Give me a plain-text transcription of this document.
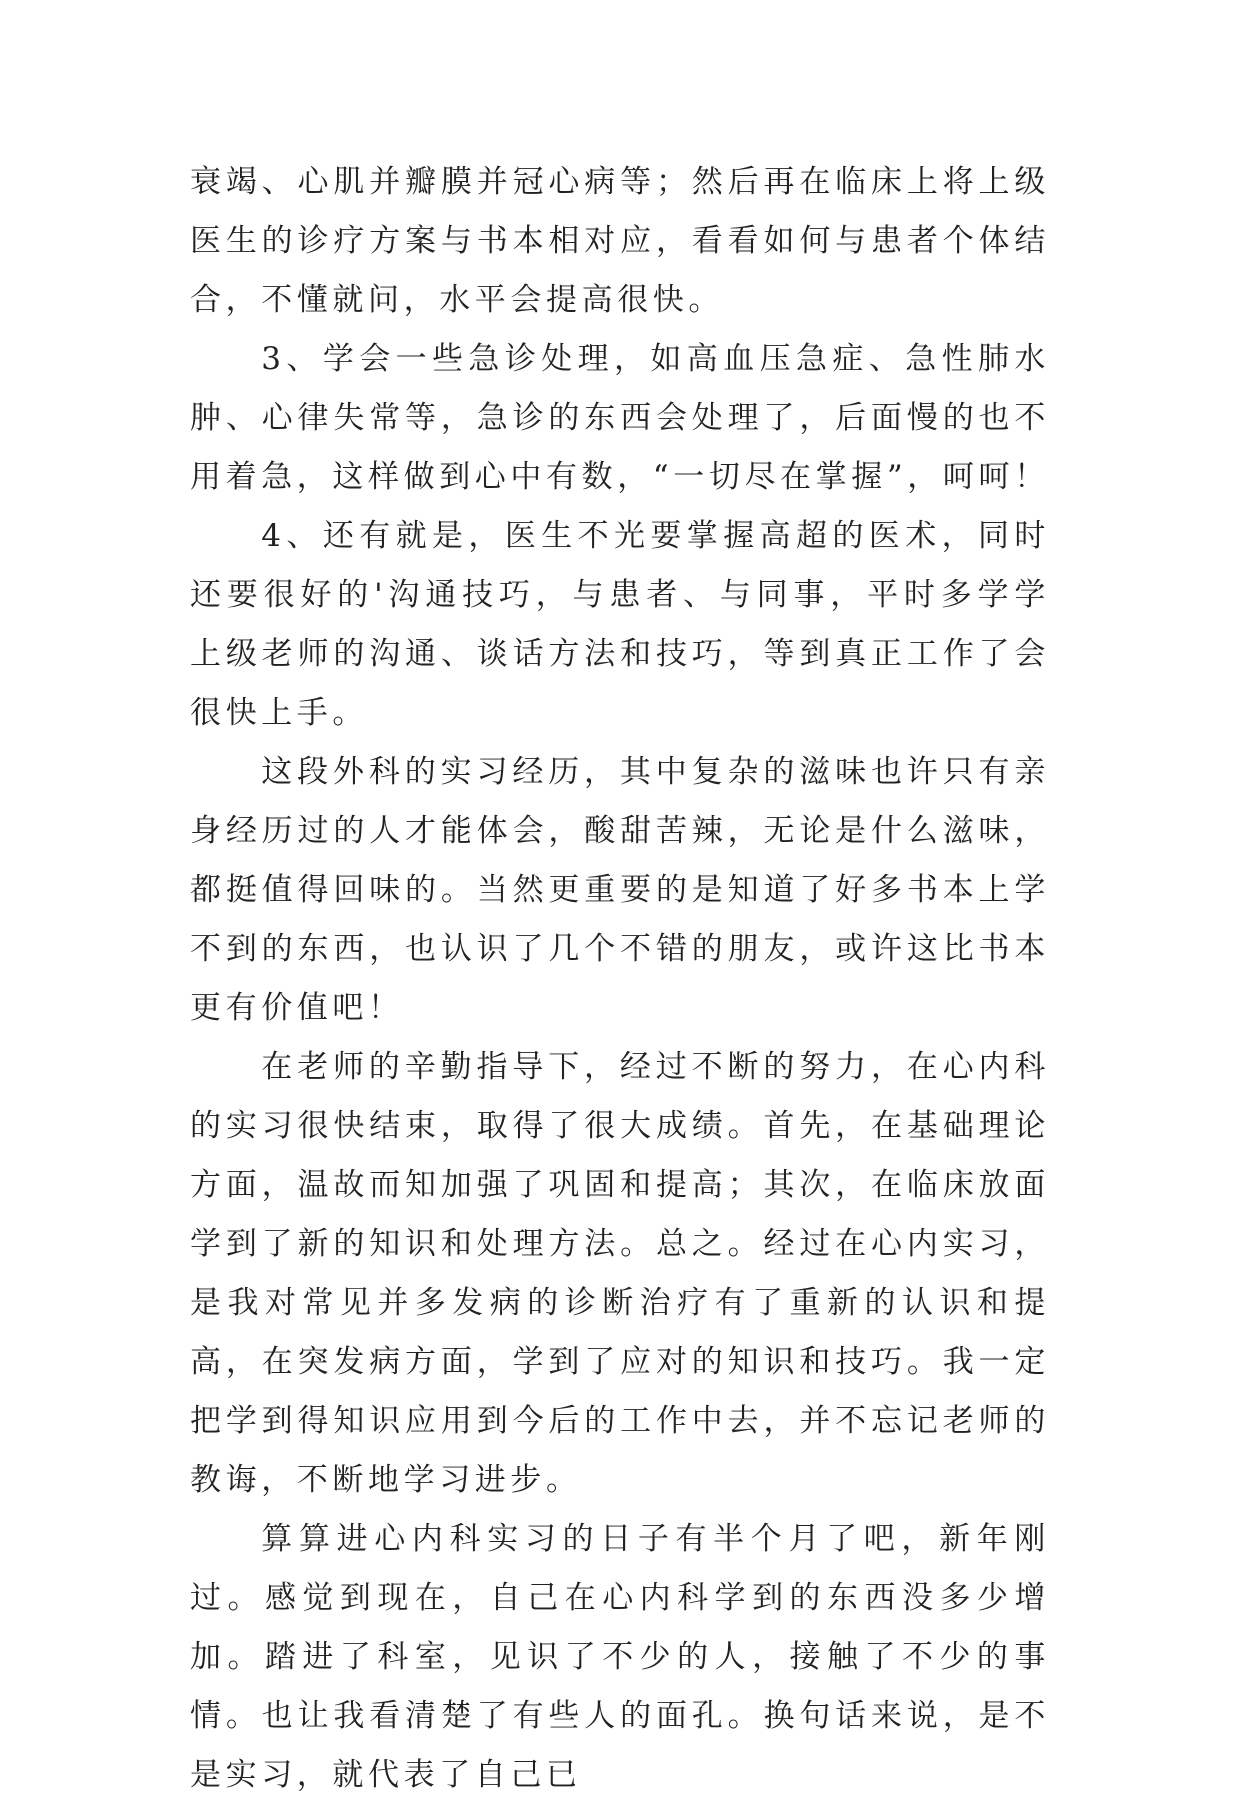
衰竭、心肌并瓣膜并冠心病等；然后再在临床上将上级医生的诊疗方案与书本相对应，看看如何与患者个体结合，不懂就问，水平会提高很快。

3、学会一些急诊处理，如高血压急症、急性肺水肿、心律失常等，急诊的东西会处理了，后面慢的也不用着急，这样做到心中有数，“一切尽在掌握”，呵呵！

4、还有就是，医生不光要掌握高超的医术，同时还要很好的'沟通技巧，与患者、与同事，平时多学学上级老师的沟通、谈话方法和技巧，等到真正工作了会很快上手。

这段外科的实习经历，其中复杂的滋味也许只有亲身经历过的人才能体会，酸甜苦辣，无论是什么滋味，都挺值得回味的。当然更重要的是知道了好多书本上学不到的东西，也认识了几个不错的朋友，或许这比书本更有价值吧！

在老师的辛勤指导下，经过不断的努力，在心内科的实习很快结束，取得了很大成绩。首先，在基础理论方面，温故而知加强了巩固和提高；其次，在临床放面学到了新的知识和处理方法。总之。经过在心内实习，是我对常见并多发病的诊断治疗有了重新的认识和提高，在突发病方面，学到了应对的知识和技巧。我一定把学到得知识应用到今后的工作中去，并不忘记老师的教诲，不断地学习进步。

算算进心内科实习的日子有半个月了吧，新年刚过。感觉到现在，自己在心内科学到的东西没多少增加。踏进了科室，见识了不少的人，接触了不少的事情。也让我看清楚了有些人的面孔。换句话来说，是不是实习，就代表了自己已
